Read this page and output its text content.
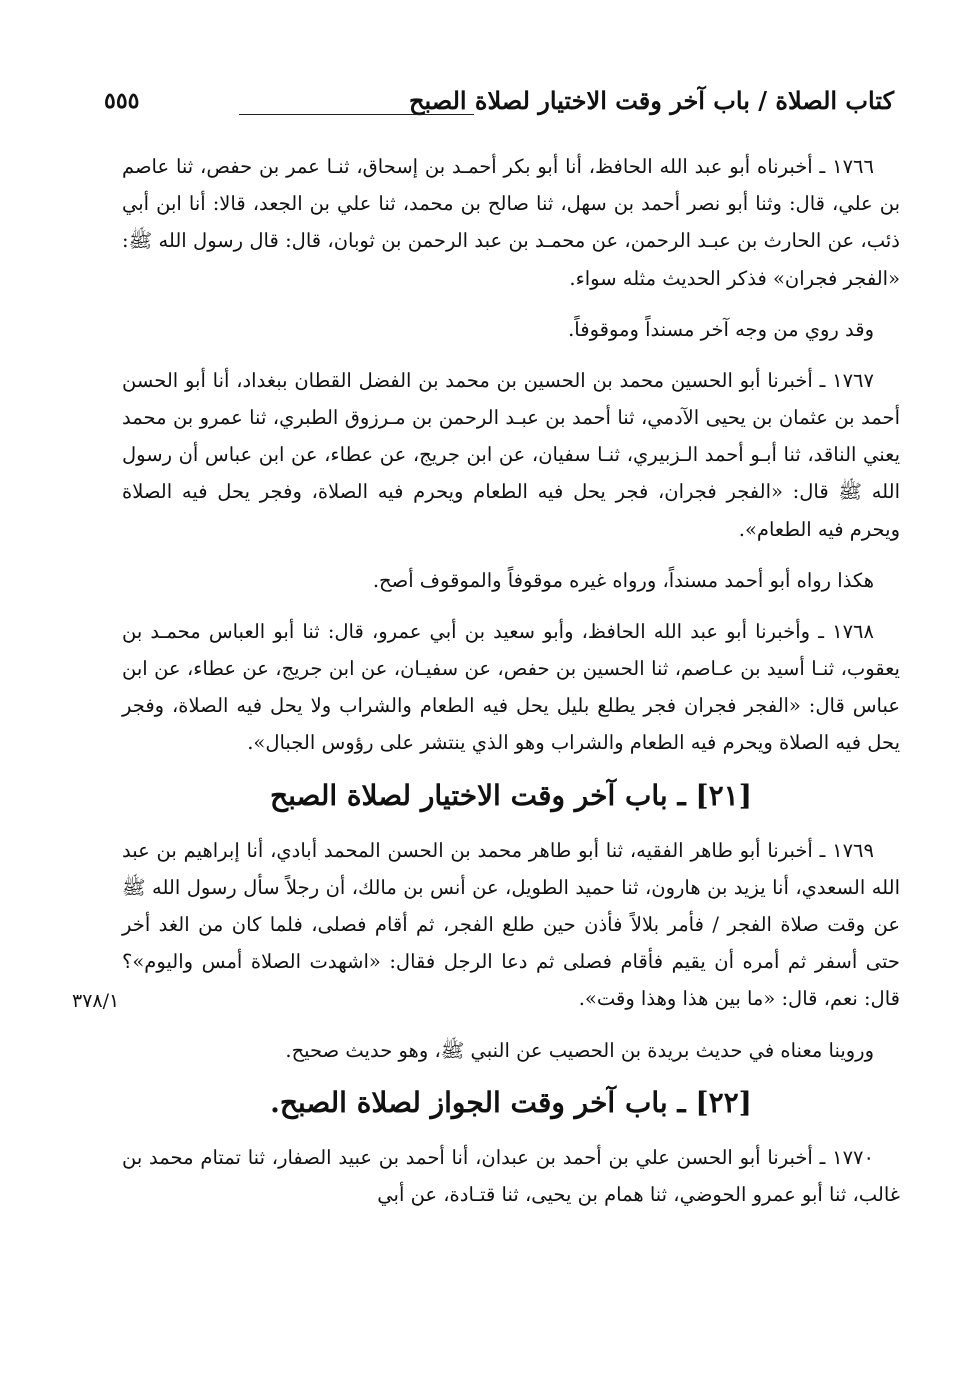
كتاب الصلاة / باب آخر وقت الاختيار لصلاة الصبح
٥٥٥
٣٧٨/١

١٧٦٦ ـ أخبرناه أبو عبد الله الحافظ، أنا أبو بكر أحمـد بن إسحاق، ثنـا عمر بن حفص، ثنا عاصم بن علي، قال: وثنا أبو نصر أحمد بن سهل، ثنا صالح بن محمد، ثنا علي بن الجعد، قالا: أنا ابن أبي ذئب، عن الحارث بن عبـد الرحمن، عن محمـد بن عبد الرحمن بن ثوبان، قال: قال رسول الله ﷺ: «الفجر فجران» فذكر الحديث مثله سواء.

وقد روي من وجه آخر مسنداً وموقوفاً.

١٧٦٧ ـ أخبرنا أبو الحسين محمد بن الحسين بن محمد بن الفضل القطان ببغداد، أنا أبو الحسن أحمد بن عثمان بن يحيى الآدمي، ثنا أحمد بن عبـد الرحمن بن مـرزوق الطبري، ثنا عمرو بن محمد يعني الناقد، ثنا أبـو أحمد الـزبيري، ثنـا سفيان، عن ابن جريج، عن عطاء، عن ابن عباس أن رسول الله ﷺ قال: «الفجر فجران، فجر يحل فيه الطعام ويحرم فيه الصلاة، وفجر يحل فيه الصلاة ويحرم فيه الطعام».

هكذا رواه أبو أحمد مسنداً، ورواه غيره موقوفاً والموقوف أصح.

١٧٦٨ ـ وأخبرنا أبو عبد الله الحافظ، وأبو سعيد بن أبي عمرو، قال: ثنا أبو العباس محمـد بن يعقوب، ثنـا أسيد بن عـاصم، ثنا الحسين بن حفص، عن سفيـان، عن ابن جريج، عن عطاء، عن ابن عباس قال: «الفجر فجران فجر يطلع بليل يحل فيه الطعام والشراب ولا يحل فيه الصلاة، وفجر يحل فيه الصلاة ويحرم فيه الطعام والشراب وهو الذي ينتشر على رؤوس الجبال».

[٢١] ـ باب آخر وقت الاختيار لصلاة الصبح

١٧٦٩ ـ أخبرنا أبو طاهر الفقيه، ثنا أبو طاهر محمد بن الحسن المحمد أبادي، أنا إبراهيم بن عبد الله السعدي، أنا يزيد بن هارون، ثنا حميد الطويل، عن أنس بن مالك، أن رجلاً سأل رسول الله ﷺ عن وقت صلاة الفجر / فأمر بلالاً فأذن حين طلع الفجر، ثم أقام فصلى، فلما كان من الغد أخر حتى أسفر ثم أمره أن يقيم فأقام فصلى ثم دعا الرجل فقال: «اشهدت الصلاة أمس واليوم»؟ قال: نعم، قال: «ما بين هذا وهذا وقت».

وروينا معناه في حديث بريدة بن الحصيب عن النبي ﷺ، وهو حديث صحيح.

[٢٢] ـ باب آخر وقت الجواز لصلاة الصبح.

١٧٧٠ ـ أخبرنا أبو الحسن علي بن أحمد بن عبدان، أنا أحمد بن عبيد الصفار، ثنا تمتام محمد بن غالب، ثنا أبو عمرو الحوضي، ثنا همام بن يحيى، ثنا قتـادة، عن أبي
